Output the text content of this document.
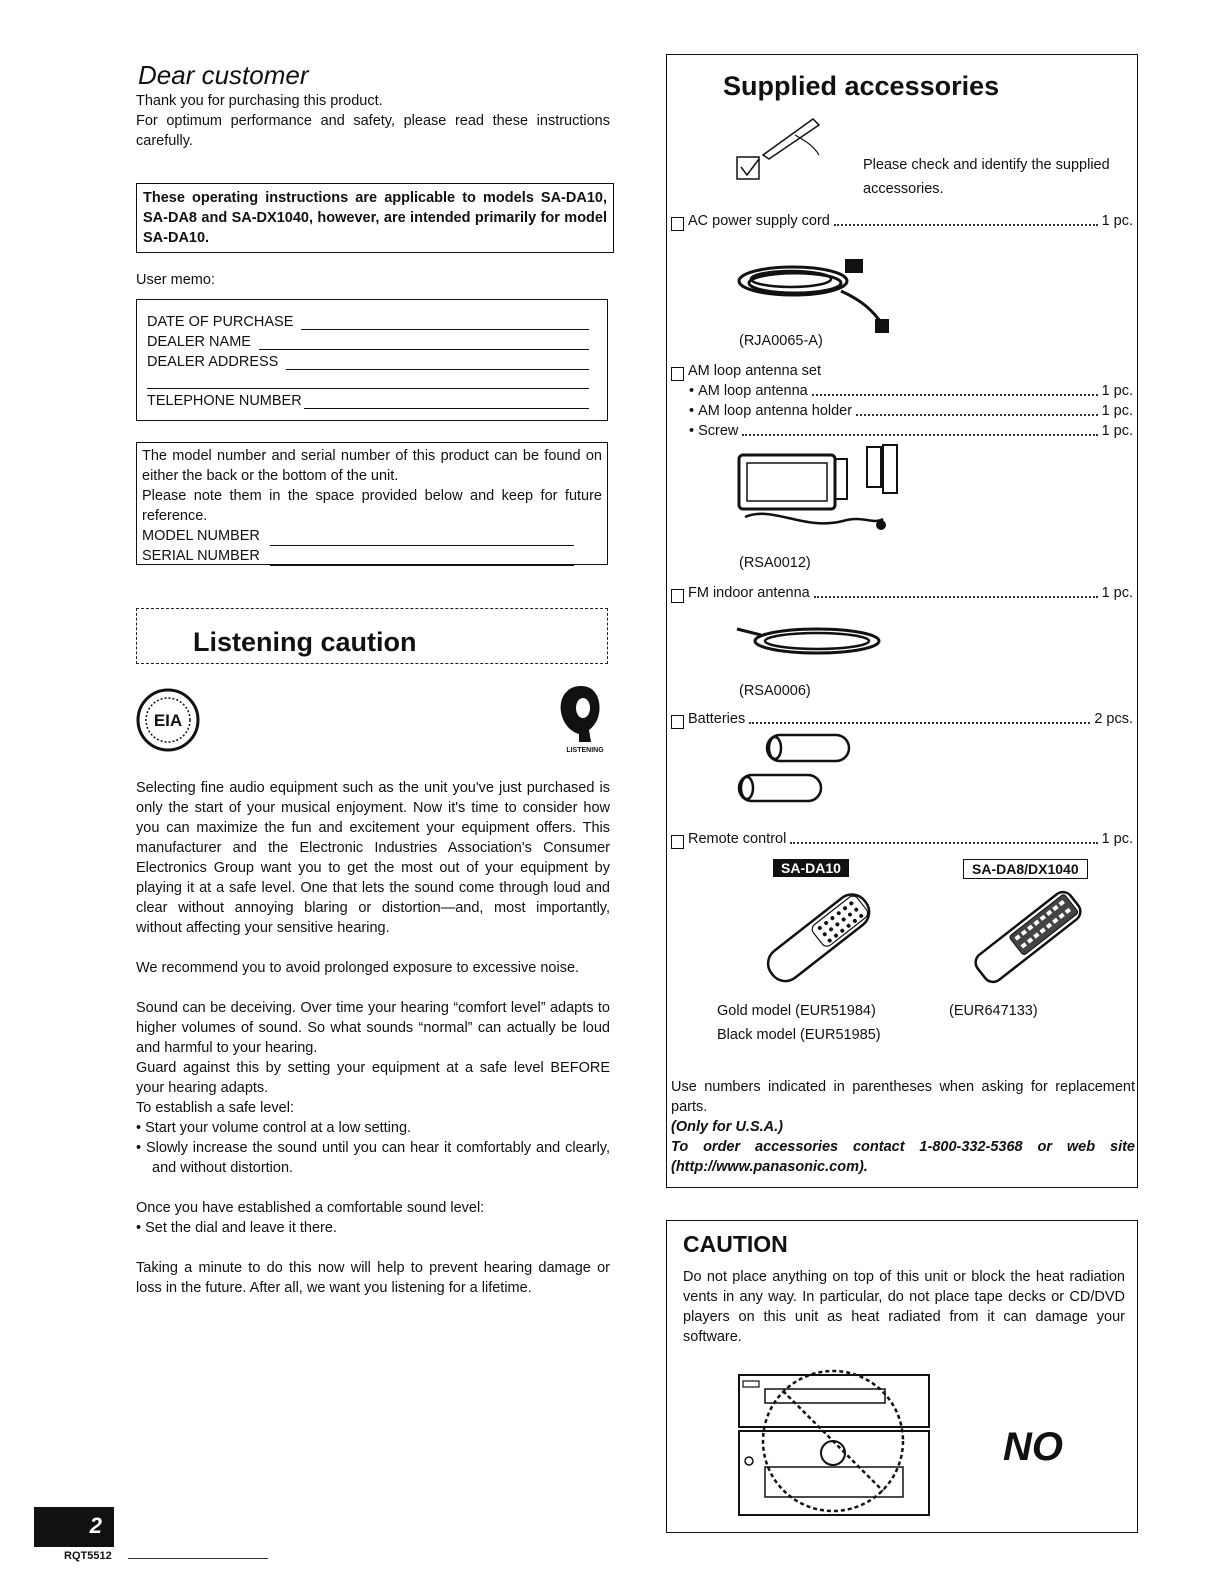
Dear customer
Thank you for purchasing this product.
For optimum performance and safety, please read these instructions carefully.
These operating instructions are applicable to models SA-DA10, SA-DA8 and SA-DX1040, however, are intended primarily for model SA-DA10.
User memo:
DATE OF PURCHASE
DEALER NAME
DEALER ADDRESS
TELEPHONE NUMBER
The model number and serial number of this product can be found on either the back or the bottom of the unit.
Please note them in the space provided below and keep for future reference.
MODEL NUMBER
SERIAL NUMBER
Listening caution
EIA
LISTENING

Selecting fine audio equipment such as the unit you've just purchased is only the start of your musical enjoyment. Now it's time to consider how you can maximize the fun and excitement your equipment offers. This manufacturer and the Electronic Industries Association's Consumer Electronics Group want you to get the most out of your equipment by playing it at a safe level. One that lets the sound come through loud and clear without annoying blaring or distortion—and, most importantly, without affecting your sensitive hearing.

We recommend you to avoid prolonged exposure to excessive noise.

Sound can be deceiving. Over time your hearing “comfort level” adapts to higher volumes of sound. So what sounds “normal” can actually be loud and harmful to your hearing.
Guard against this by setting your equipment at a safe level BEFORE your hearing adapts.
To establish a safe level:
• Start your volume control at a low setting.
• Slowly increase the sound until you can hear it comfortably and clearly, and without distortion.
Once you have established a comfortable sound level:
• Set the dial and leave it there.

Taking a minute to do this now will help to prevent hearing damage or loss in the future. After all, we want you listening for a lifetime.

Supplied accessories
Please check and identify the supplied accessories.
AC power supply cord	1 pc.
(RJA0065-A)
AM loop antenna set
• AM loop antenna	1 pc.
• AM loop antenna holder	1 pc.
• Screw	1 pc.
(RSA0012)
FM indoor antenna	1 pc.
(RSA0006)
Batteries	2 pcs.
Remote control	1 pc.
SA-DA10	SA-DA8/DX1040
Gold model (EUR51984)
Black model (EUR51985)
(EUR647133)
Use numbers indicated in parentheses when asking for replacement parts.
(Only for U.S.A.)
To order accessories contact 1-800-332-5368 or web site (http://www.panasonic.com).
CAUTION
Do not place anything on top of this unit or block the heat radiation vents in any way. In particular, do not place tape decks or CD/DVD players on this unit as heat radiated from it can damage your software.
NO
2
RQT5512
